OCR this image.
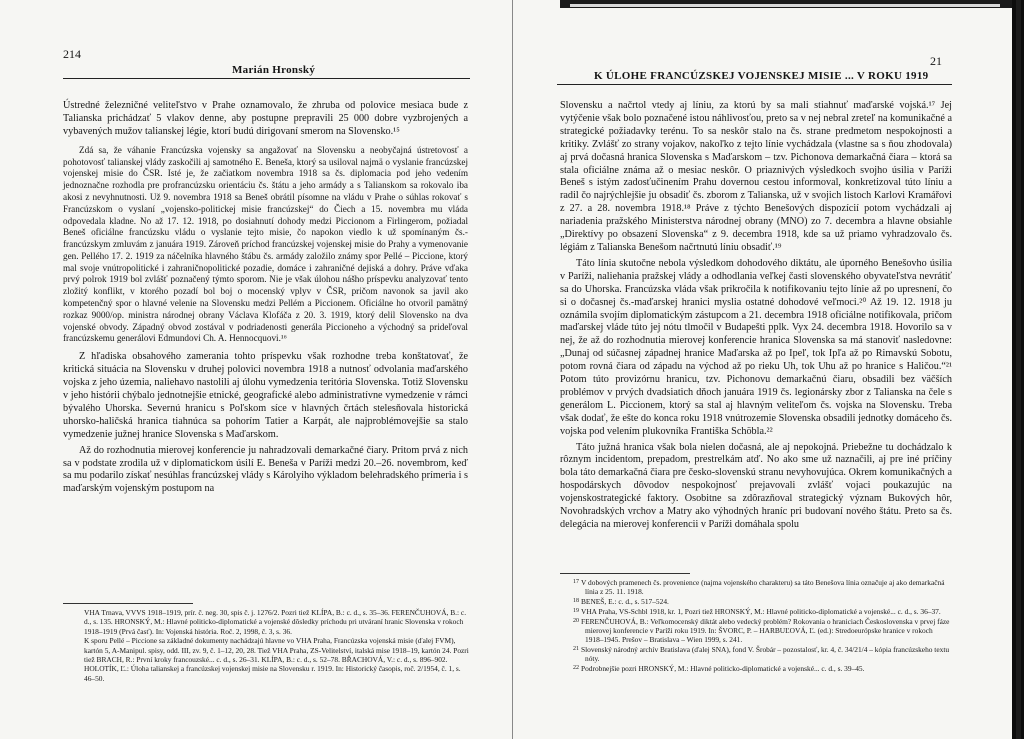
214
Marián Hronský

Ústredné železničné veliteľstvo v Prahe oznamovalo, že zhruba od polovice mesiaca bude z Talianska prichádzať 5 vlakov denne, aby postupne prepravili 25 000 dobre vyzbrojených a vybavených mužov talianskej légie, ktorí budú dirigovaní smerom na Slovensko.¹⁵

Zdá sa, že váhanie Francúzska vojensky sa angažovať na Slovensku a neobyčajná ústretovosť a pohotovosť talianskej vlády zaskočili aj samotného E. Beneša, ktorý sa usiloval najmä o vyslanie francúzskej vojenskej misie do ČSR. Isté je, že začiatkom novembra 1918 sa čs. diplomacia pod jeho vedením jednoznačne rozhodla pre profrancúzsku orientáciu čs. štátu a jeho armády a s Talianskom sa rokovalo iba akosi z nevyhnutnosti. Už 9. novembra 1918 sa Beneš obrátil písomne na vládu v Prahe o súhlas rokovať s Francúzskom o vyslaní „vojensko-politickej misie francúzskej“ do Čiech a 15. novembra mu vláda odpovedala kladne. No až 17. 12. 1918, po dosiahnutí dohody medzi Piccionom a Firlingerom, požiadal Beneš oficiálne francúzsku vládu o vyslanie tejto misie, čo napokon viedlo k už spomínaným čs.-francúzskym zmluvám z januára 1919. Zároveň príchod francúzskej vojenskej misie do Prahy a vymenovanie gen. Pellého 17. 2. 1919 za náčelníka hlavného štábu čs. armády založilo známy spor Pellé – Piccione, ktorý mal svoje vnútropolitické i zahraničnopolitické pozadie, domáce i zahraničné dejiská a dohry. Práve vďaka prvý polrok 1919 bol zvlášť poznačený týmto sporom. Nie je však úlohou nášho príspevku analyzovať tento zložitý konflikt, v ktorého pozadí bol boj o mocenský vplyv v ČSR, pričom navonok sa javil ako kompetenčný spor o hlavné velenie na Slovensku medzi Pellém a Piccionem. Oficiálne ho otvoril pamätný rozkaz 9000/op. ministra národnej obrany Václava Klofáča z 20. 3. 1919, ktorý delil Slovensko na dva vojenské obvody. Západný obvod zostával v podriadenosti generála Piccioneho a východný sa prideľoval francúzskemu generálovi Edmundovi Ch. A. Hennocquovi.¹⁶

Z hľadiska obsahového zamerania tohto príspevku však rozhodne treba konštatovať, že kritická situácia na Slovensku v druhej polovici novembra 1918 a nutnosť odvolania maďarského vojska z jeho územia, naliehavo nastolili aj úlohu vymedzenia teritória Slovenska. Totiž Slovensku v jeho histórii chýbalo jednotnejšie etnické, geografické alebo administratívne vymedzenie v rámci bývalého Uhorska. Severnú hranicu s Poľskom síce v hlavných črtách stelesňovala historická uhorsko-haličská hranica tiahnúca sa pohorím Tatier a Karpát, ale najproblémovejšie sa stalo vymedzenie južnej hranice Slovenska s Maďarskom.

Až do rozhodnutia mierovej konferencie ju nahradzovali demarkačné čiary. Pritom prvá z nich sa v podstate zrodila už v diplomatickom úsilí E. Beneša v Paríži medzi 20.–26. novembrom, keď sa mu podarilo získať nesúhlas francúzskej vlády s Károlyiho výkladom belehradského prímeria i s maďarským vojenským postupom na

VHA Trnava, VVVS 1918–1919, prír. č. neg. 30, spis č. j. 1276/2. Pozri tiež KLÍPA, B.: c. d., s. 35–36. FERENČUHOVÁ, B.: c. d., s. 135. HRONSKÝ, M.: Hlavné politicko-diplomatické a vojenské dôsledky príchodu pri utváraní hranic Slovenska v rokoch 1918–1919 (Prvá časť). In: Vojenská história. Roč. 2, 1998, č. 3, s. 36.
K sporu Pellé – Piccione sa základné dokumenty nachádzajú hlavne vo VHA Praha, Francúzska vojenská misie (ďalej FVM), kartón 5, A-Manipul. spisy, odd. III, zv. 9, č. 1–12, 20, 28. Tiež VHA Praha, ZS-Velitelství, italská mise 1918–19, kartón 24. Pozri tiež BRACH, R.: První kroky francouzské... c. d., s. 26–31. KLÍPA, B.: c. d., s. 52–78. BŘACHOVÁ, V.: c. d., s. 896–902. HOLOTÍK, Ľ.: Úloha talianskej a francúzskej vojenskej misie na Slovensku r. 1919. In: Historický časopis, roč. 2/1954, č. 1, s. 46–50.
21
K ÚLOHE FRANCÚZSKEJ VOJENSKEJ MISIE ... V ROKU 1919

Slovensku a načrtol vtedy aj líniu, za ktorú by sa mali stiahnuť maďarské vojská.¹⁷ Jej vytýčenie však bolo poznačené istou náhlivosťou, preto sa v nej nebral zreteľ na komunikačné a strategické požiadavky terénu. To sa neskôr stalo na čs. strane predmetom nespokojnosti a kritiky. Zvlášť zo strany vojakov, nakoľko z tejto línie vychádzala (vlastne sa s ňou zhodovala) aj prvá dočasná hranica Slovenska s Maďarskom – tzv. Pichonova demarkačná čiara – ktorá sa stala oficiálne známa až o mesiac neskôr. O priaznivých výsledkoch svojho úsilia v Paríži Beneš s istým zadosťučinením Prahu dovernou cestou informoval, konkretizoval túto líniu a radil čo najrýchlejšie ju obsadiť čs. zborom z Talianska, už v svojich listoch Karlovi Kramářovi z 27. a 28. novembra 1918.¹⁸ Práve z týchto Benešových dispozícií potom vychádzali aj nariadenia pražského Ministerstva národnej obrany (MNO) zo 7. decembra a hlavne obsiahle „Direktívy po obsazení Slovenska“ z 9. decembra 1918, kde sa už priamo vyhradzovalo čs. légiám z Talianska Benešom načrtnutú líniu obsadiť.¹⁹

Táto línia skutočne nebola výsledkom dohodového diktátu, ale úporného Benešovho úsilia v Paríži, naliehania pražskej vlády a odhodlania veľkej časti slovenského obyvateľstva nevrátiť sa do Uhorska. Francúzska vláda však prikročila k notifikovaniu tejto línie až po upresnení, čo si o dočasnej čs.-maďarskej hranici myslia ostatné dohodové veľmoci.²⁰ Až 19. 12. 1918 ju oznámila svojím diplomatickým zástupcom a 21. decembra 1918 oficiálne notifikovala, pričom maďarskej vláde túto jej nótu tlmočil v Budapešti pplk. Vyx 24. decembra 1918. Hovorilo sa v nej, že až do rozhodnutia mierovej konferencie hranica Slovenska sa má stanoviť nasledovne: „Dunaj od súčasnej západnej hranice Maďarska až po Ipeľ, tok Ipľa až po Rimavskú Sobotu, potom rovná čiara od západu na východ až po rieku Uh, tok Uhu až po hranice s Haličou.“²¹ Potom túto provizórnu hranicu, tzv. Pichonovu demarkačnú čiaru, obsadili bez väčších problémov v prvých dvadsiatich dňoch januára 1919 čs. legionársky zbor z Talianska na čele s generálom L. Piccionem, ktorý sa stal aj hlavným veliteľom čs. vojska na Slovensku. Treba však dodať, že ešte do konca roku 1918 vnútrozemie Slovenska obsadili jednotky domáceho čs. vojska pod velením plukovníka Františka Schöbla.²²

Táto južná hranica však bola nielen dočasná, ale aj nepokojná. Priebežne tu dochádzalo k rôznym incidentom, prepadom, prestrelkám atď. No ako sme už naznačili, aj pre iné príčiny bola táto demarkačná čiara pre česko-slovenskú stranu nevyhovujúca. Okrem komunikačných a hospodárskych dôvodov nespokojnosť prejavovali zvlášť vojaci poukazujúc na vojenskostrategické faktory. Osobitne sa zdôrazňoval strategický význam Bukových hôr, Novohradských vrchov a Matry ako výhodných hraníc pri budovaní nového štátu. Preto sa čs. delegácia na mierovej konferencii v Paríži domáhala spolu

$^{17}$ V dobových pramenech čs. provenience (najma vojenského charakteru) sa táto Benešova línia označuje aj ako demarkačná línia z 25. 11. 1918.
$^{18}$ BENEŠ, E.: c. d., s. 517–524.
$^{19}$ VHA Praha, VS-Schbl 1918, kr. 1, Pozri tiež HRONSKÝ, M.: Hlavné politicko-diplomatické a vojenské... c. d., s. 36–37.
$^{20}$ FERENČUHOVÁ, B.: Veľkomocenský diktát alebo vedecký problém? Rokovania o hraniciach Československa v prvej fáze mierovej konferencie v Paríži roku 1919. In: ŠVORC, P. – HARBUĽOVÁ, Ľ. (ed.): Stredoeurópske hranice v rokoch 1918–1945. Prešov – Bratislava – Wien 1999, s. 241.
$^{21}$ Slovenský národný archív Bratislava (ďalej SNA), fond V. Šrobár – pozostalosť, kr. 4, č. 34/21/4 – kópia francúzskeho textu nóty.
$^{22}$ Podrobnejšie pozri HRONSKÝ, M.: Hlavné politicko-diplomatické a vojenské... c. d., s. 39–45.
